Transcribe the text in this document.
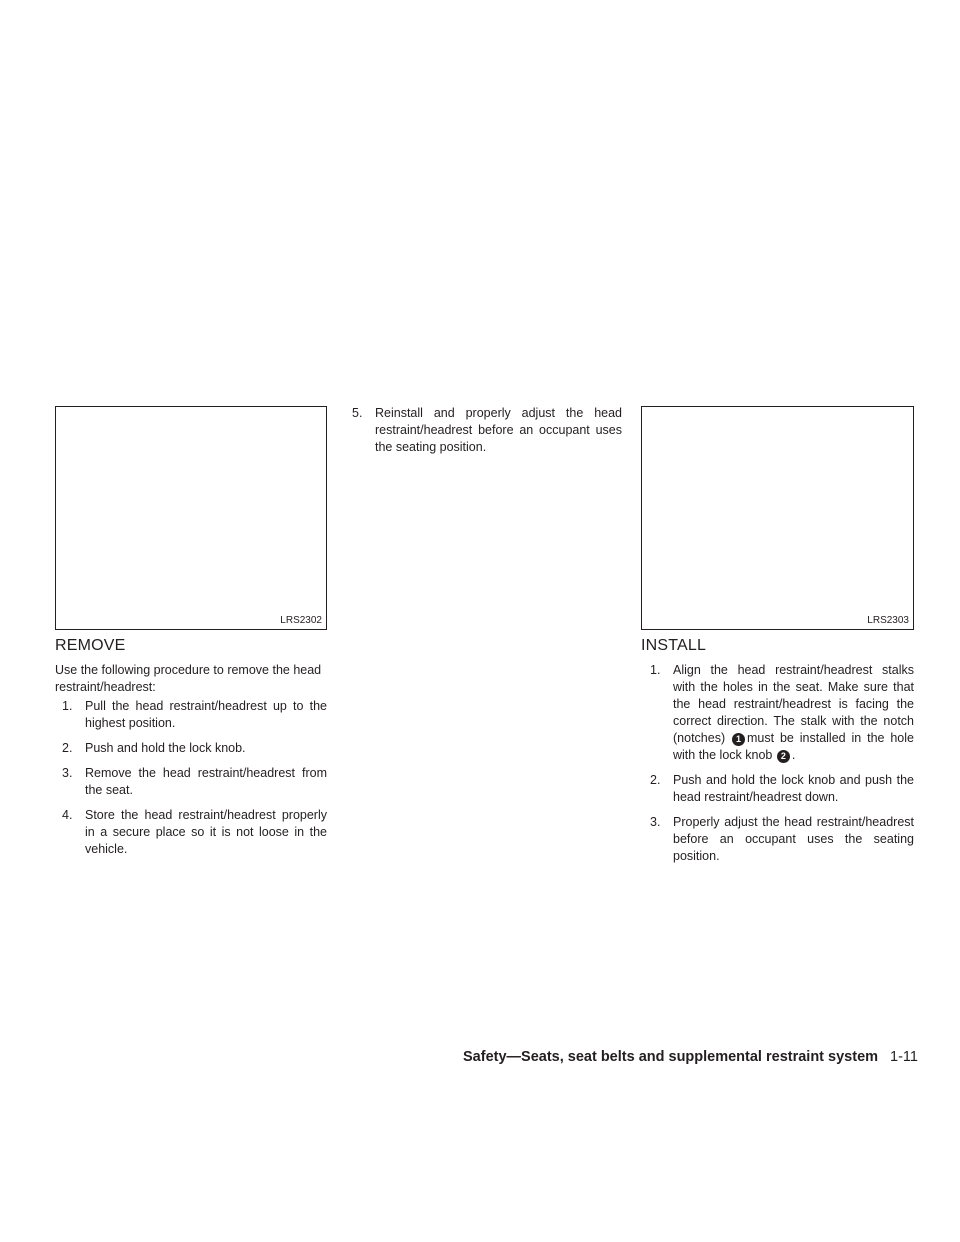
LRS2302
REMOVE

Use the following procedure to remove the head restraint/headrest:

1. Pull the head restraint/headrest up to the highest position.
2. Push and hold the lock knob.
3. Remove the head restraint/headrest from the seat.
4. Store the head restraint/headrest properly in a secure place so it is not loose in the vehicle.
5. Reinstall and properly adjust the head restraint/headrest before an occupant uses the seating position.
LRS2303
INSTALL
1. Align the head restraint/headrest stalks with the holes in the seat. Make sure that the head restraint/headrest is facing the correct direction. The stalk with the notch (notches) 1 must be installed in the hole with the lock knob 2 .
2. Push and hold the lock knob and push the head restraint/headrest down.
3. Properly adjust the head restraint/headrest before an occupant uses the seating position.
Safety—Seats, seat belts and supplemental restraint system 1-11
